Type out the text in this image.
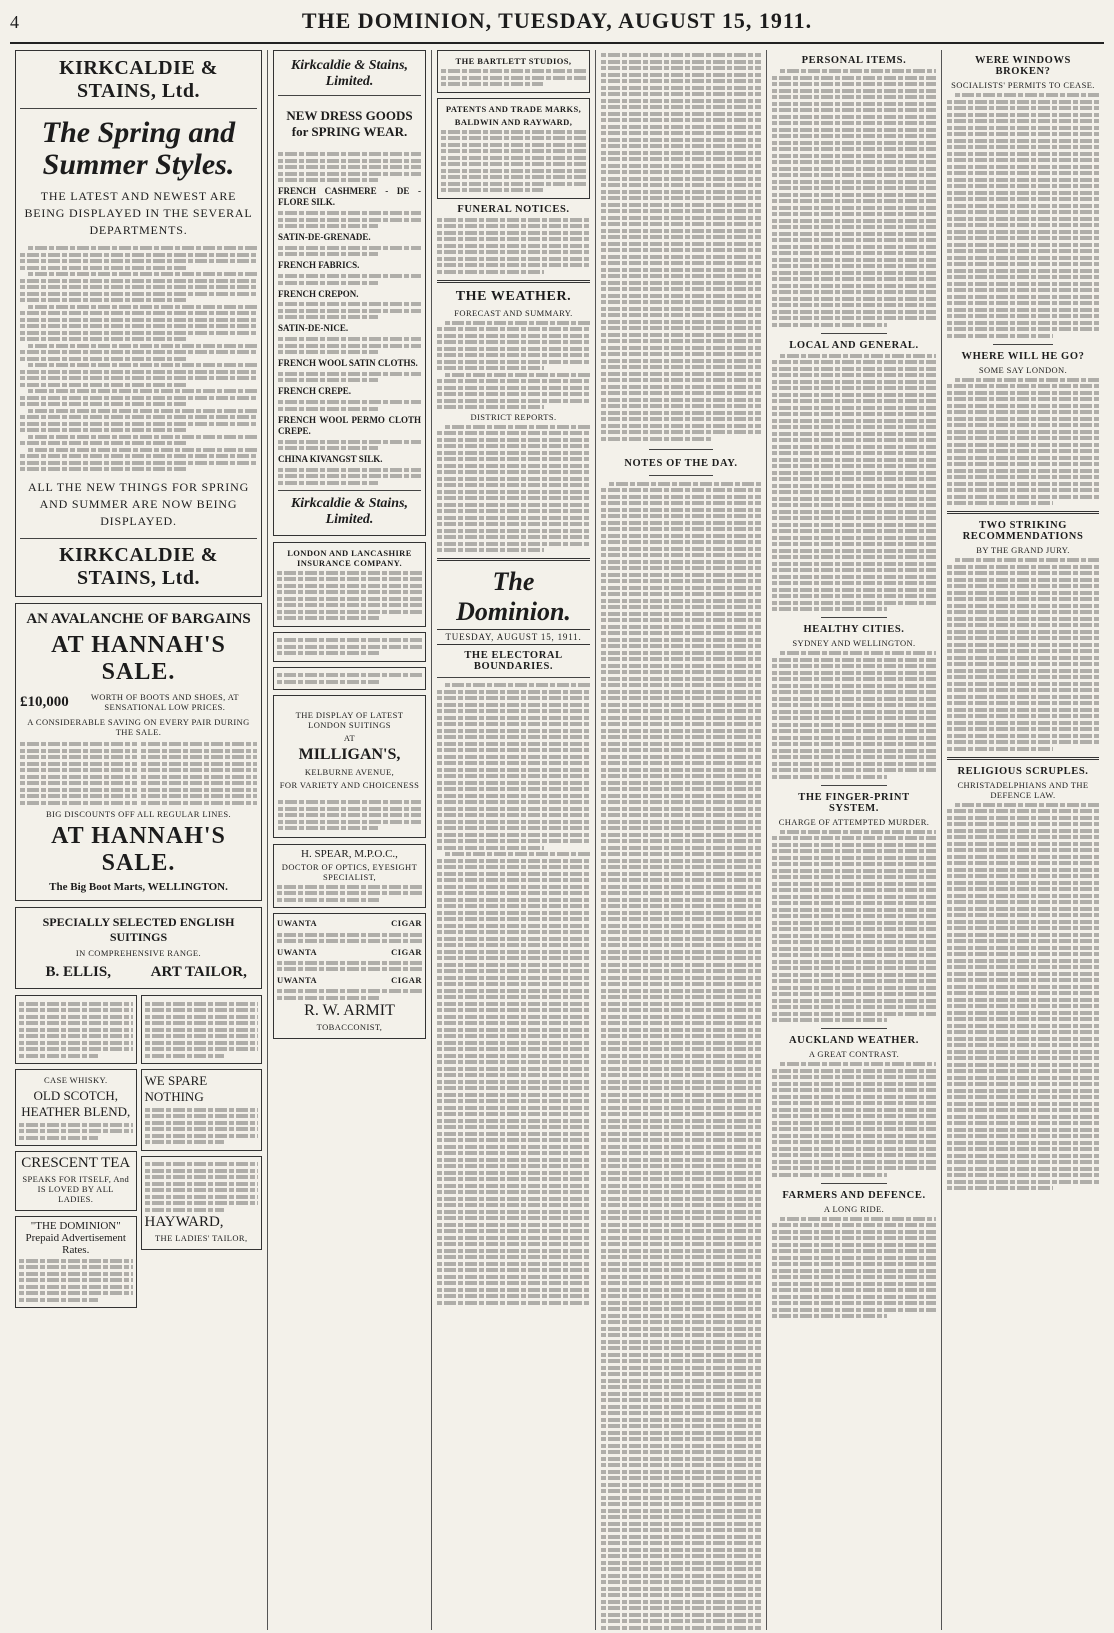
4	THE DOMINION, TUESDAY, AUGUST 15, 1911.
KIRKCALDIE & STAINS, Ltd.
The Spring and Summer Styles.
THE LATEST AND NEWEST ARE BEING DISPLAYED IN THE SEVERAL DEPARTMENTS.
ALL THE NEW THINGS FOR SPRING AND SUMMER ARE NOW BEING DISPLAYED.
KIRKCALDIE & STAINS, Ltd.
AN AVALANCHE OF BARGAINS
AT HANNAH'S SALE.
£10,000	WORTH OF BOOTS AND SHOES, AT SENSATIONAL LOW PRICES.
A CONSIDERABLE SAVING ON EVERY PAIR DURING THE SALE.
BIG DISCOUNTS OFF ALL REGULAR LINES.
AT HANNAH'S SALE.
The Big Boot Marts, WELLINGTON.
SPECIALLY SELECTED ENGLISH SUITINGS
IN COMPREHENSIVE RANGE.
B. ELLIS,	ART TAILOR,
CASE WHISKY.
OLD SCOTCH, HEATHER BLEND,
CRESCENT TEA
SPEAKS FOR ITSELF, And IS LOVED BY ALL LADIES.
"THE DOMINION" Prepaid Advertisement Rates.
WE SPARE NOTHING
HAYWARD,
THE LADIES' TAILOR,
Kirkcaldie & Stains, Limited.
NEW DRESS GOODS for SPRING WEAR.
FRENCH CASHMERE - DE - FLORE SILK.
SATIN-DE-GRENADE.
FRENCH FABRICS.
FRENCH CREPON.
SATIN-DE-NICE.
FRENCH WOOL SATIN CLOTHS.
FRENCH CREPE.
FRENCH WOOL PERMO CLOTH CREPE.
CHINA KIVANGST SILK.
Kirkcaldie & Stains, Limited.
LONDON AND LANCASHIRE INSURANCE COMPANY.
THE DISPLAY OF LATEST LONDON SUITINGS
AT
MILLIGAN'S,
KELBURNE AVENUE,
FOR VARIETY AND CHOICENESS
H. SPEAR, M.P.O.C.,
DOCTOR OF OPTICS, EYESIGHT SPECIALIST,
UWANTA	CIGAR
UWANTA	CIGAR
UWANTA	CIGAR
R. W. ARMIT
TOBACCONIST,
THE BARTLETT STUDIOS,
PATENTS AND TRADE MARKS,
BALDWIN AND RAYWARD,
FUNERAL NOTICES.
THE WEATHER.
FORECAST AND SUMMARY.
DISTRICT REPORTS.
The Dominion.
TUESDAY, AUGUST 15, 1911.
THE ELECTORAL BOUNDARIES.
NOTES OF THE DAY.
PERSONAL ITEMS.
LOCAL AND GENERAL.
HEALTHY CITIES.
SYDNEY AND WELLINGTON.
THE FINGER-PRINT SYSTEM.
CHARGE OF ATTEMPTED MURDER.
AUCKLAND WEATHER.
A GREAT CONTRAST.
FARMERS AND DEFENCE.
A LONG RIDE.
WERE WINDOWS BROKEN?
SOCIALISTS' PERMITS TO CEASE.
WHERE WILL HE GO?
SOME SAY LONDON.
TWO STRIKING RECOMMENDATIONS
BY THE GRAND JURY.
RELIGIOUS SCRUPLES.
CHRISTADELPHIANS AND THE DEFENCE LAW.
